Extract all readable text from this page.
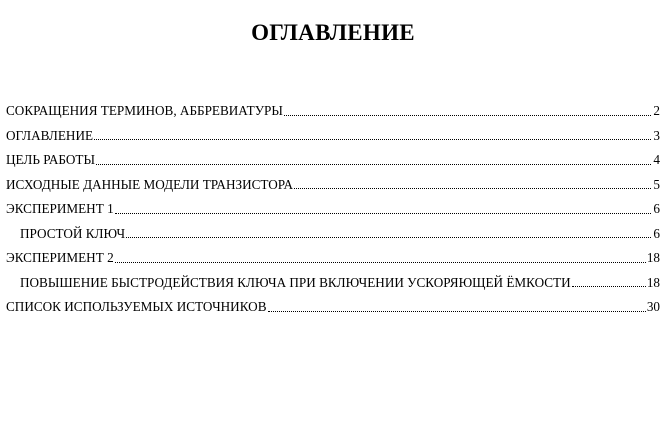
ОГЛАВЛЕНИЕ
СОКРАЩЕНИЯ ТЕРМИНОВ, АББРЕВИАТУРЫ	2
ОГЛАВЛЕНИЕ	3
ЦЕЛЬ РАБОТЫ	4
ИСХОДНЫЕ ДАННЫЕ МОДЕЛИ ТРАНЗИСТОРА	5
ЭКСПЕРИМЕНТ 1	6
ПРОСТОЙ КЛЮЧ	6
ЭКСПЕРИМЕНТ 2	18
ПОВЫШЕНИЕ БЫСТРОДЕЙСТВИЯ КЛЮЧА ПРИ ВКЛЮЧЕНИИ УСКОРЯЮЩЕЙ ЁМКОСТИ	18
СПИСОК ИСПОЛЬЗУЕМЫХ ИСТОЧНИКОВ	30
